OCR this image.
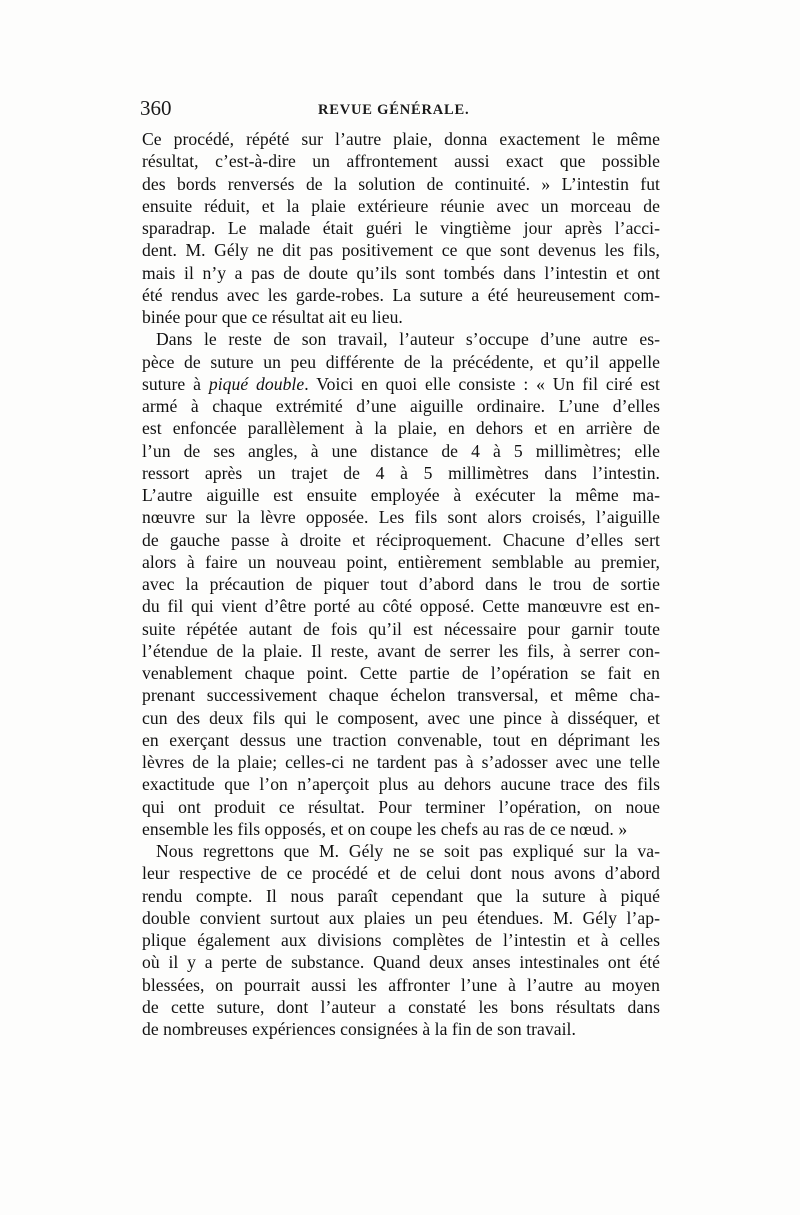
360	REVUE GÉNÉRALE.
Ce procédé, répété sur l’autre plaie, donna exactement le même
résultat, c’est-à-dire un affrontement aussi exact que possible
des bords renversés de la solution de continuité. » L’intestin fut
ensuite réduit, et la plaie extérieure réunie avec un morceau de
sparadrap. Le malade était guéri le vingtième jour après l’acci-
dent. M. Gély ne dit pas positivement ce que sont devenus les fils,
mais il n’y a pas de doute qu’ils sont tombés dans l’intestin et ont
été rendus avec les garde-robes. La suture a été heureusement com-
binée pour que ce résultat ait eu lieu.
Dans le reste de son travail, l’auteur s’occupe d’une autre es-
pèce de suture un peu différente de la précédente, et qu’il appelle
suture à piqué double. Voici en quoi elle consiste : « Un fil ciré est
armé à chaque extrémité d’une aiguille ordinaire. L’une d’elles
est enfoncée parallèlement à la plaie, en dehors et en arrière de
l’un de ses angles, à une distance de 4 à 5 millimètres; elle
ressort après un trajet de 4 à 5 millimètres dans l’intestin.
L’autre aiguille est ensuite employée à exécuter la même ma-
nœuvre sur la lèvre opposée. Les fils sont alors croisés, l’aiguille
de gauche passe à droite et réciproquement. Chacune d’elles sert
alors à faire un nouveau point, entièrement semblable au premier,
avec la précaution de piquer tout d’abord dans le trou de sortie
du fil qui vient d’être porté au côté opposé. Cette manœuvre est en-
suite répétée autant de fois qu’il est nécessaire pour garnir toute
l’étendue de la plaie. Il reste, avant de serrer les fils, à serrer con-
venablement chaque point. Cette partie de l’opération se fait en
prenant successivement chaque échelon transversal, et même cha-
cun des deux fils qui le composent, avec une pince à disséquer, et
en exerçant dessus une traction convenable, tout en déprimant les
lèvres de la plaie; celles-ci ne tardent pas à s’adosser avec une telle
exactitude que l’on n’aperçoit plus au dehors aucune trace des fils
qui ont produit ce résultat. Pour terminer l’opération, on noue
ensemble les fils opposés, et on coupe les chefs au ras de ce nœud. »
Nous regrettons que M. Gély ne se soit pas expliqué sur la va-
leur respective de ce procédé et de celui dont nous avons d’abord
rendu compte. Il nous paraît cependant que la suture à piqué
double convient surtout aux plaies un peu étendues. M. Gély l’ap-
plique également aux divisions complètes de l’intestin et à celles
où il y a perte de substance. Quand deux anses intestinales ont été
blessées, on pourrait aussi les affronter l’une à l’autre au moyen
de cette suture, dont l’auteur a constaté les bons résultats dans
de nombreuses expériences consignées à la fin de son travail.
